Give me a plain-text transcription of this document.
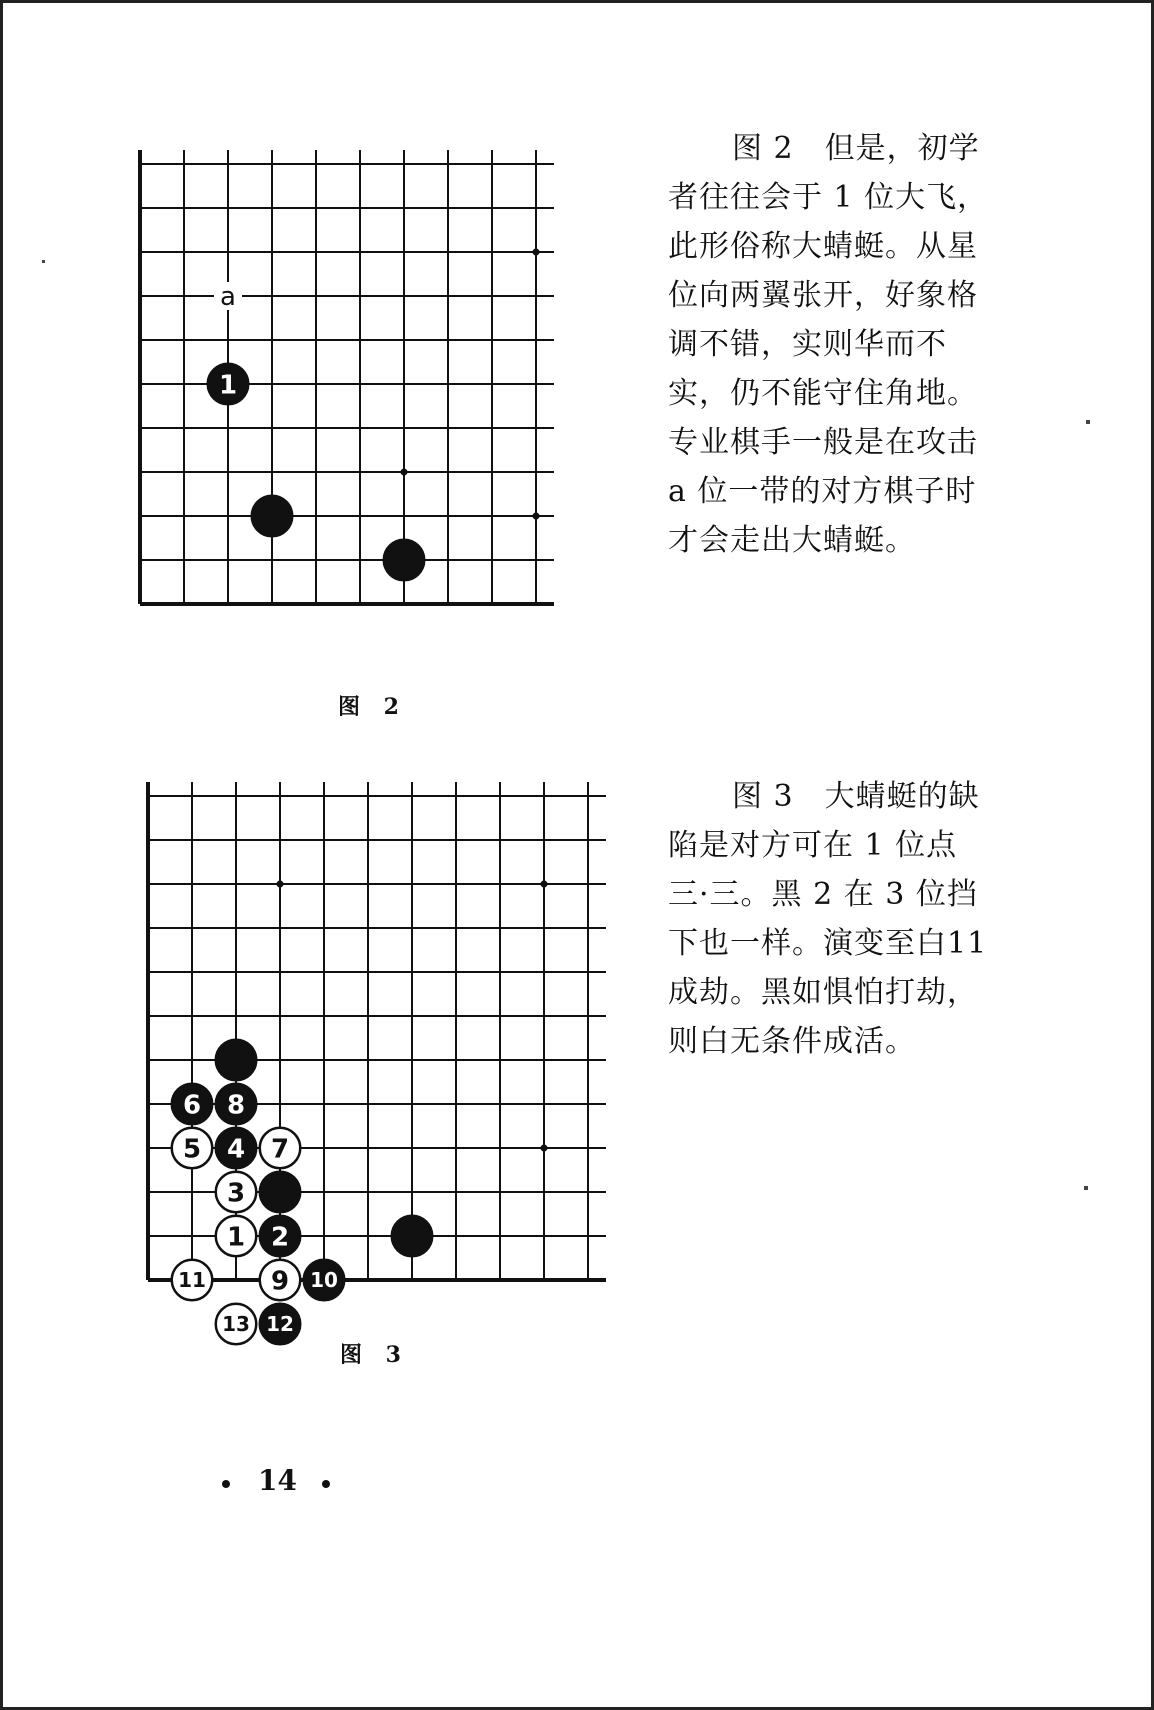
a
1
图 2
图 2　但是，初学
者往往会于 1 位大飞，
此形俗称大蜻蜓。从星
位向两翼张开，好象格
调不错，实则华而不
实，仍不能守住角地。
专业棋手一般是在攻击
a 位一带的对方棋子时
才会走出大蜻蜓。
6 8
5 4 7
3
1 2
11	9 10
13 12
图 3
图 3　大蜻蜓的缺
陷是对方可在 1 位点
三·三。黑 2 在 3 位挡
下也一样。演变至白11
成劫。黑如惧怕打劫，
则白无条件成活。
14
